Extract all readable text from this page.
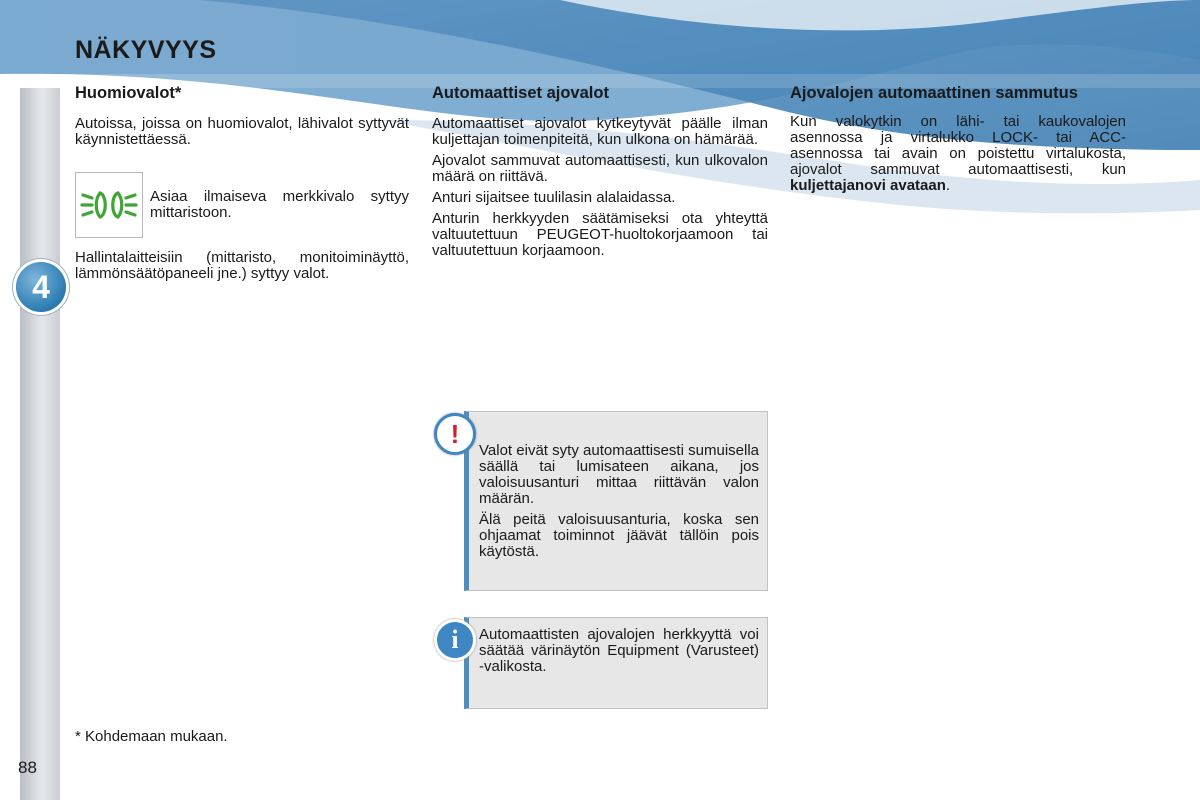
NÄKYVYYS
4
Huomiovalot*

Autoissa, joissa on huomiovalot, lähivalot syttyvät käynnistettäessä.

Asiaa ilmaiseva merkkivalo syttyy mittaristoon.

Hallintalaitteisiin (mittaristo, monitoiminäyttö, lämmönsäätöpaneeli jne.) syttyy valot.

Automaattiset ajovalot

Automaattiset ajovalot kytkeytyvät päälle ilman kuljettajan toimenpiteitä, kun ulkona on hämärää.

Ajovalot sammuvat automaattisesti, kun ulkovalon määrä on riittävä.

Anturi sijaitsee tuulilasin alalaidassa.

Anturin herkkyyden säätämiseksi ota yhteyttä valtuutettuun PEUGEOT-huoltokorjaamoon tai valtuutettuun korjaamoon.

Ajovalojen automaattinen sammutus

Kun valokytkin on lähi- tai kaukovalojen asennossa ja virtalukko LOCK- tai ACC-asennossa tai avain on poistettu virtalukosta, ajovalot sammuvat automaattisesti, kun kuljettajanovi avataan.

!

Valot eivät syty automaattisesti sumuisella säällä tai lumisateen aikana, jos valoisuusanturi mittaa riittävän valon määrän.

Älä peitä valoisuusanturia, koska sen ohjaamat toiminnot jäävät tällöin pois käytöstä.

i	Automaattisten ajovalojen herkkyyttä voi säätää värinäytön Equipment (Varusteet) -valikosta.

* Kohdemaan mukaan.

88
